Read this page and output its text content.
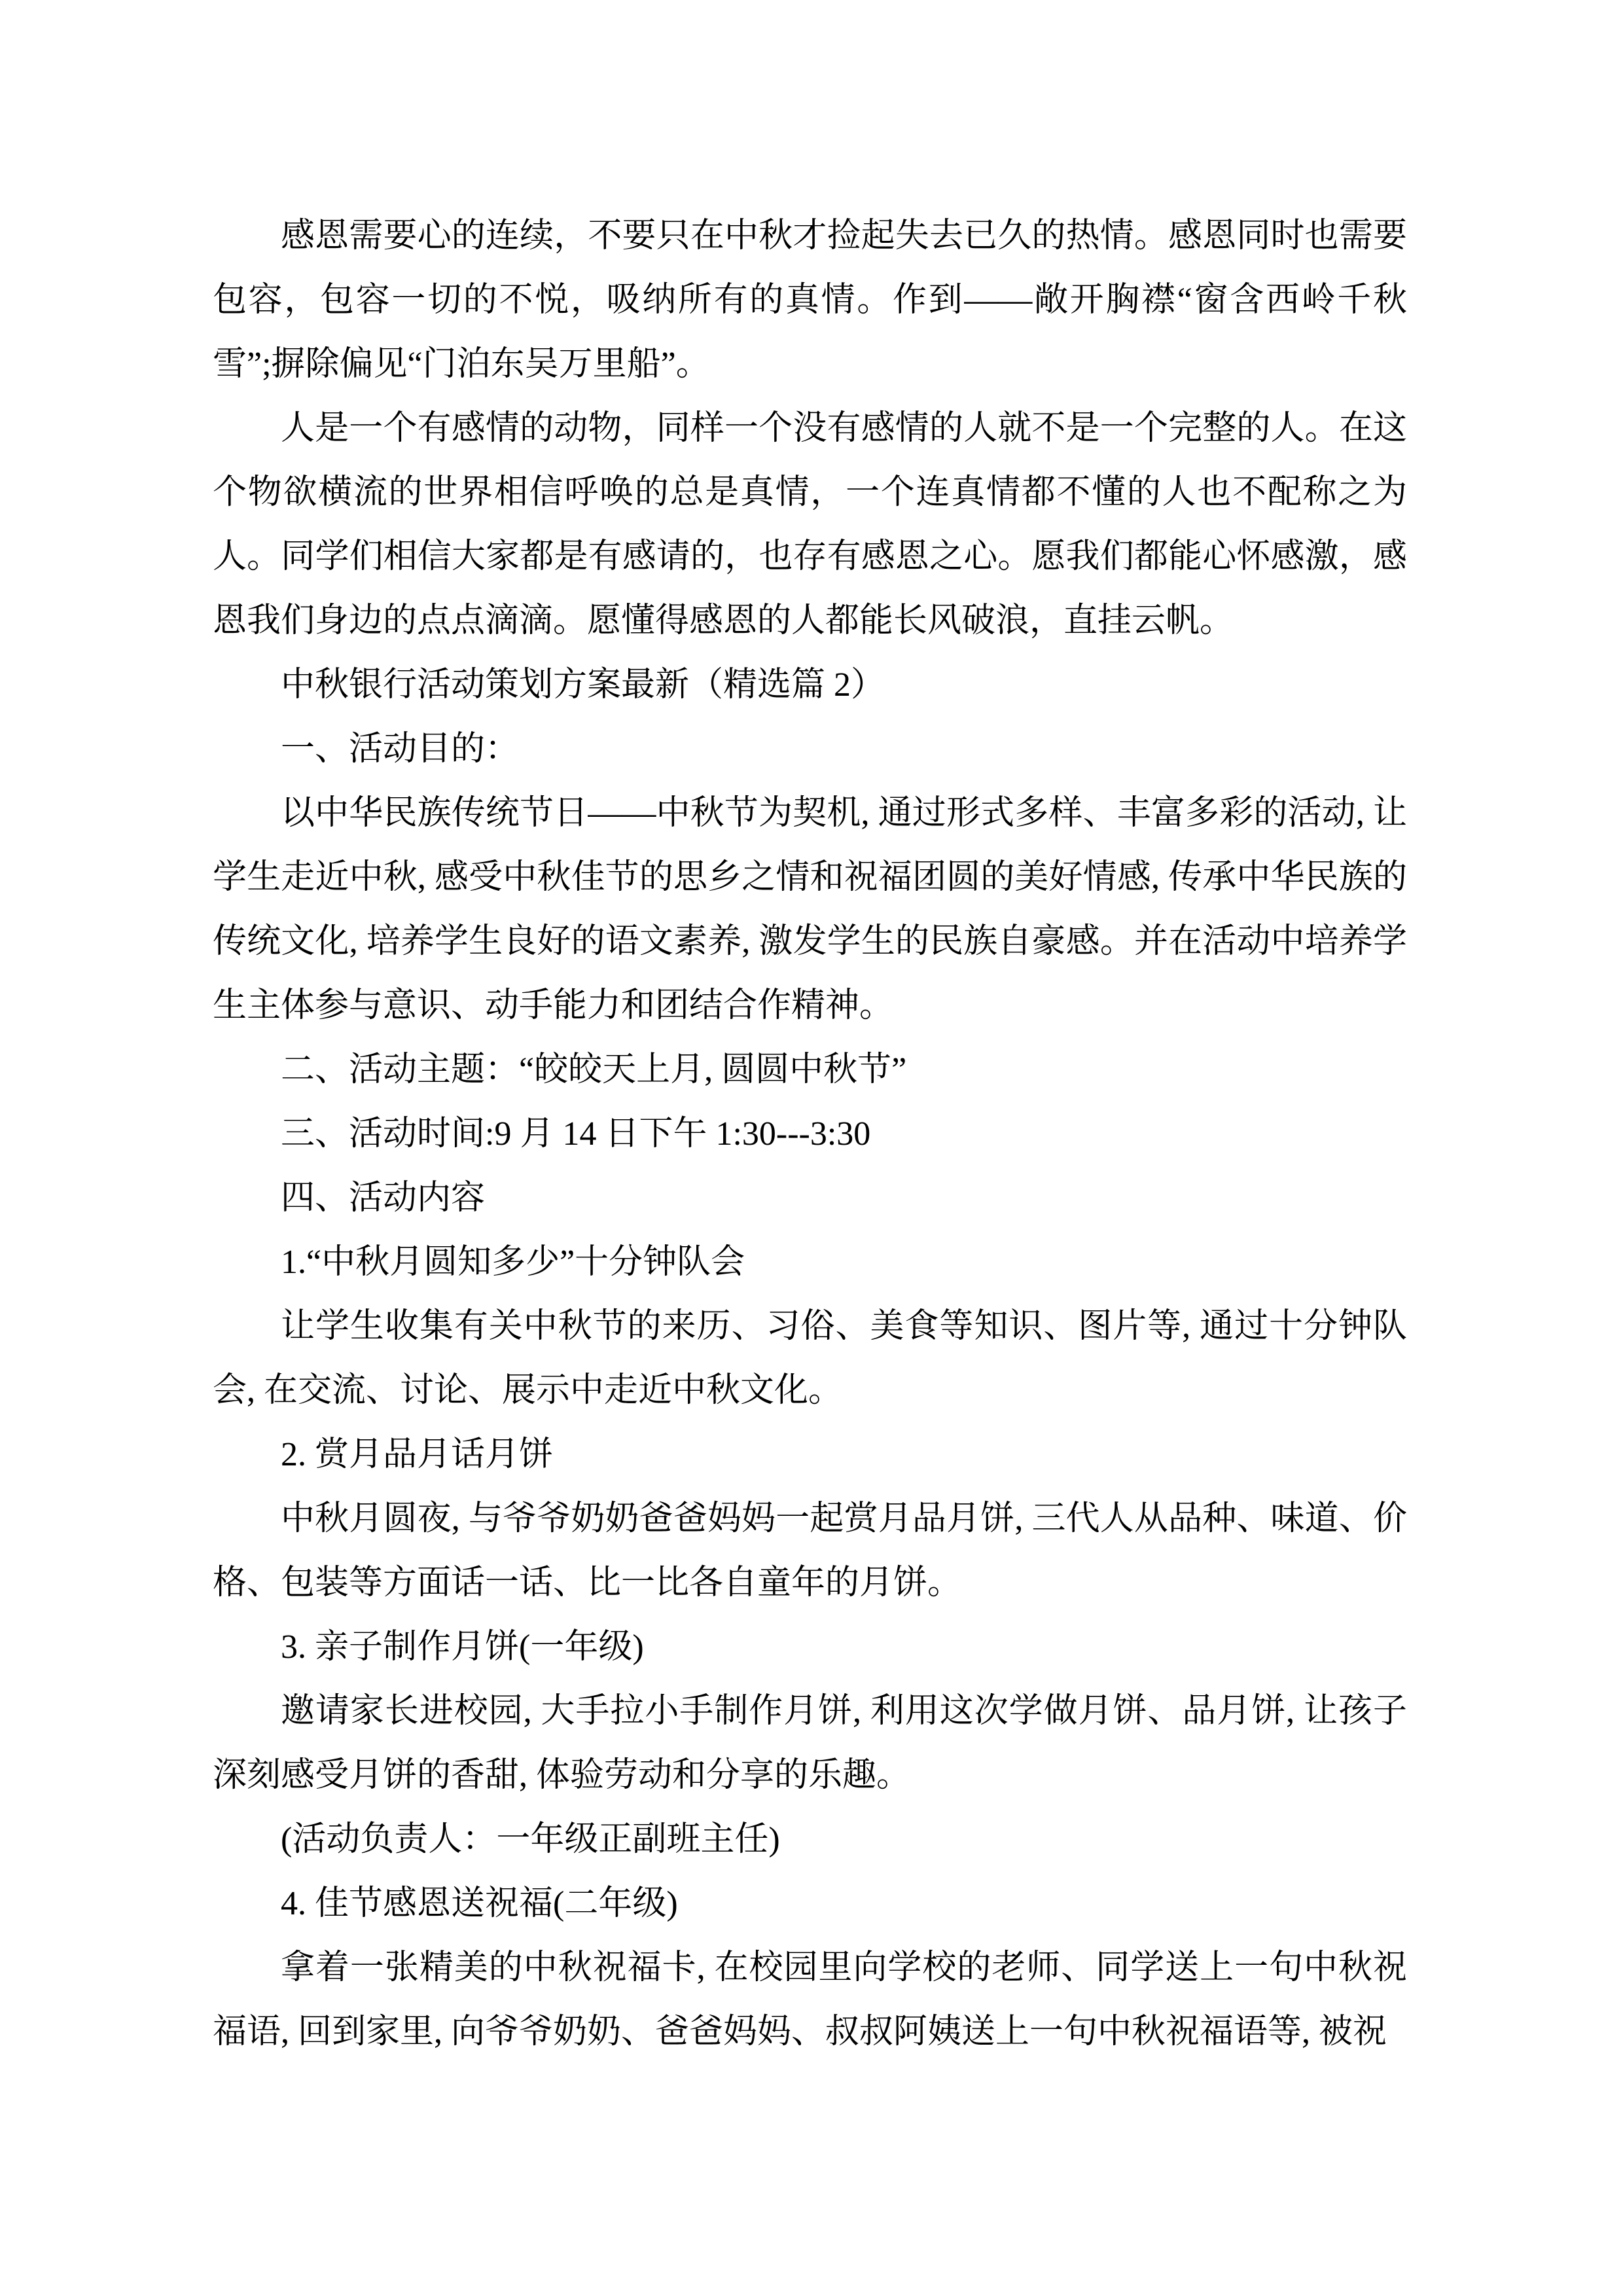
感恩需要心的连续，不要只在中秋才捡起失去已久的热情。感恩同时也需要包容，包容一切的不悦，吸纳所有的真情。作到——敞开胸襟“窗含西岭千秋雪”;摒除偏见“门泊东吴万里船”。

人是一个有感情的动物，同样一个没有感情的人就不是一个完整的人。在这个物欲横流的世界相信呼唤的总是真情，一个连真情都不懂的人也不配称之为人。同学们相信大家都是有感请的，也存有感恩之心。愿我们都能心怀感激，感恩我们身边的点点滴滴。愿懂得感恩的人都能长风破浪，直挂云帆。

中秋银行活动策划方案最新（精选篇 2）

一、活动目的：

以中华民族传统节日——中秋节为契机, 通过形式多样、丰富多彩的活动, 让学生走近中秋, 感受中秋佳节的思乡之情和祝福团圆的美好情感, 传承中华民族的传统文化, 培养学生良好的语文素养, 激发学生的民族自豪感。并在活动中培养学生主体参与意识、动手能力和团结合作精神。

二、活动主题：“皎皎天上月, 圆圆中秋节”

三、活动时间:9 月 14 日下午 1:30---3:30

四、活动内容

1.“中秋月圆知多少”十分钟队会

让学生收集有关中秋节的来历、习俗、美食等知识、图片等, 通过十分钟队会, 在交流、讨论、展示中走近中秋文化。

2. 赏月品月话月饼

中秋月圆夜, 与爷爷奶奶爸爸妈妈一起赏月品月饼, 三代人从品种、味道、价格、包装等方面话一话、比一比各自童年的月饼。

3. 亲子制作月饼(一年级)

邀请家长进校园, 大手拉小手制作月饼, 利用这次学做月饼、品月饼, 让孩子深刻感受月饼的香甜, 体验劳动和分享的乐趣。

(活动负责人：一年级正副班主任)

4. 佳节感恩送祝福(二年级)

拿着一张精美的中秋祝福卡, 在校园里向学校的老师、同学送上一句中秋祝福语, 回到家里, 向爷爷奶奶、爸爸妈妈、叔叔阿姨送上一句中秋祝福语等, 被祝
